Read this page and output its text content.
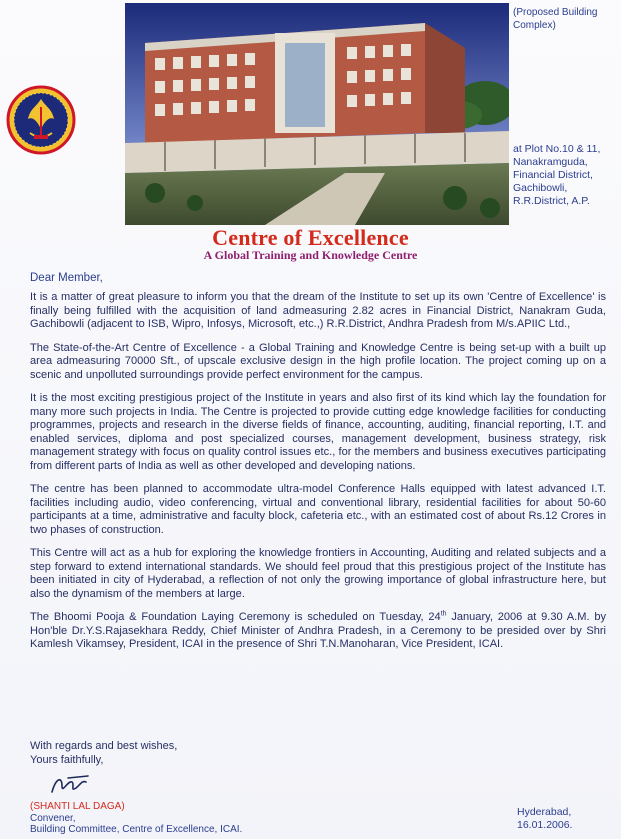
(Proposed Building Complex)
at Plot No.10 & 11,
Nanakramguda,
Financial District,
Gachibowli,
R.R.District, A.P.
Centre of Excellence
A Global Training and Knowledge Centre
Dear Member,

It is a matter of great pleasure to inform you that the dream of the Institute to set up its own 'Centre of Excellence' is finally being fulfilled with the acquisition of land admeasuring 2.82 acres in Financial District, Nanakram Guda, Gachibowli (adjacent to ISB, Wipro, Infosys, Microsoft, etc.,) R.R.District, Andhra Pradesh from M/s.APIIC Ltd.,

The State-of-the-Art Centre of Excellence - a Global Training and Knowledge Centre is being set-up with a built up area admeasuring 70000 Sft., of upscale exclusive design in the high profile location. The project coming up on a scenic and unpolluted surroundings provide perfect environment for the campus.

It is the most exciting prestigious project of the Institute in years and also first of its kind which lay the foundation for many more such projects in India. The Centre is projected to provide cutting edge knowledge facilities for conducting programmes, projects and research in the diverse fields of finance, accounting, auditing, financial reporting, I.T. and enabled services, diploma and post specialized courses, management development, business strategy, risk management strategy with focus on quality control issues etc., for the members and business executives participating from different parts of India as well as other developed and developing nations.

The centre has been planned to accommodate ultra-model Conference Halls equipped with latest advanced I.T. facilities including audio, video conferencing, virtual and conventional library, residential facilities for about 50-60 participants at a time, administrative and faculty block, cafeteria etc., with an estimated cost of about Rs.12 Crores in two phases of construction.

This Centre will act as a hub for exploring the knowledge frontiers in Accounting, Auditing and related subjects and a step forward to extend international standards. We should feel proud that this prestigious project of the Institute has been initiated in city of Hyderabad, a reflection of not only the growing importance of global infrastructure here, but also the dynamism of the members at large.

The Bhoomi Pooja & Foundation Laying Ceremony is scheduled on Tuesday, 24th January, 2006 at 9.30 A.M. by Hon'ble Dr.Y.S.Rajasekhara Reddy, Chief Minister of Andhra Pradesh, in a Ceremony to be presided over by Shri Kamlesh Vikamsey, President, ICAI in the presence of Shri T.N.Manoharan, Vice President, ICAI.

With regards and best wishes,
Yours faithfully,
(SHANTI LAL DAGA)
Convener,
Building Committee, Centre of Excellence, ICAI.
Hyderabad,
16.01.2006.
